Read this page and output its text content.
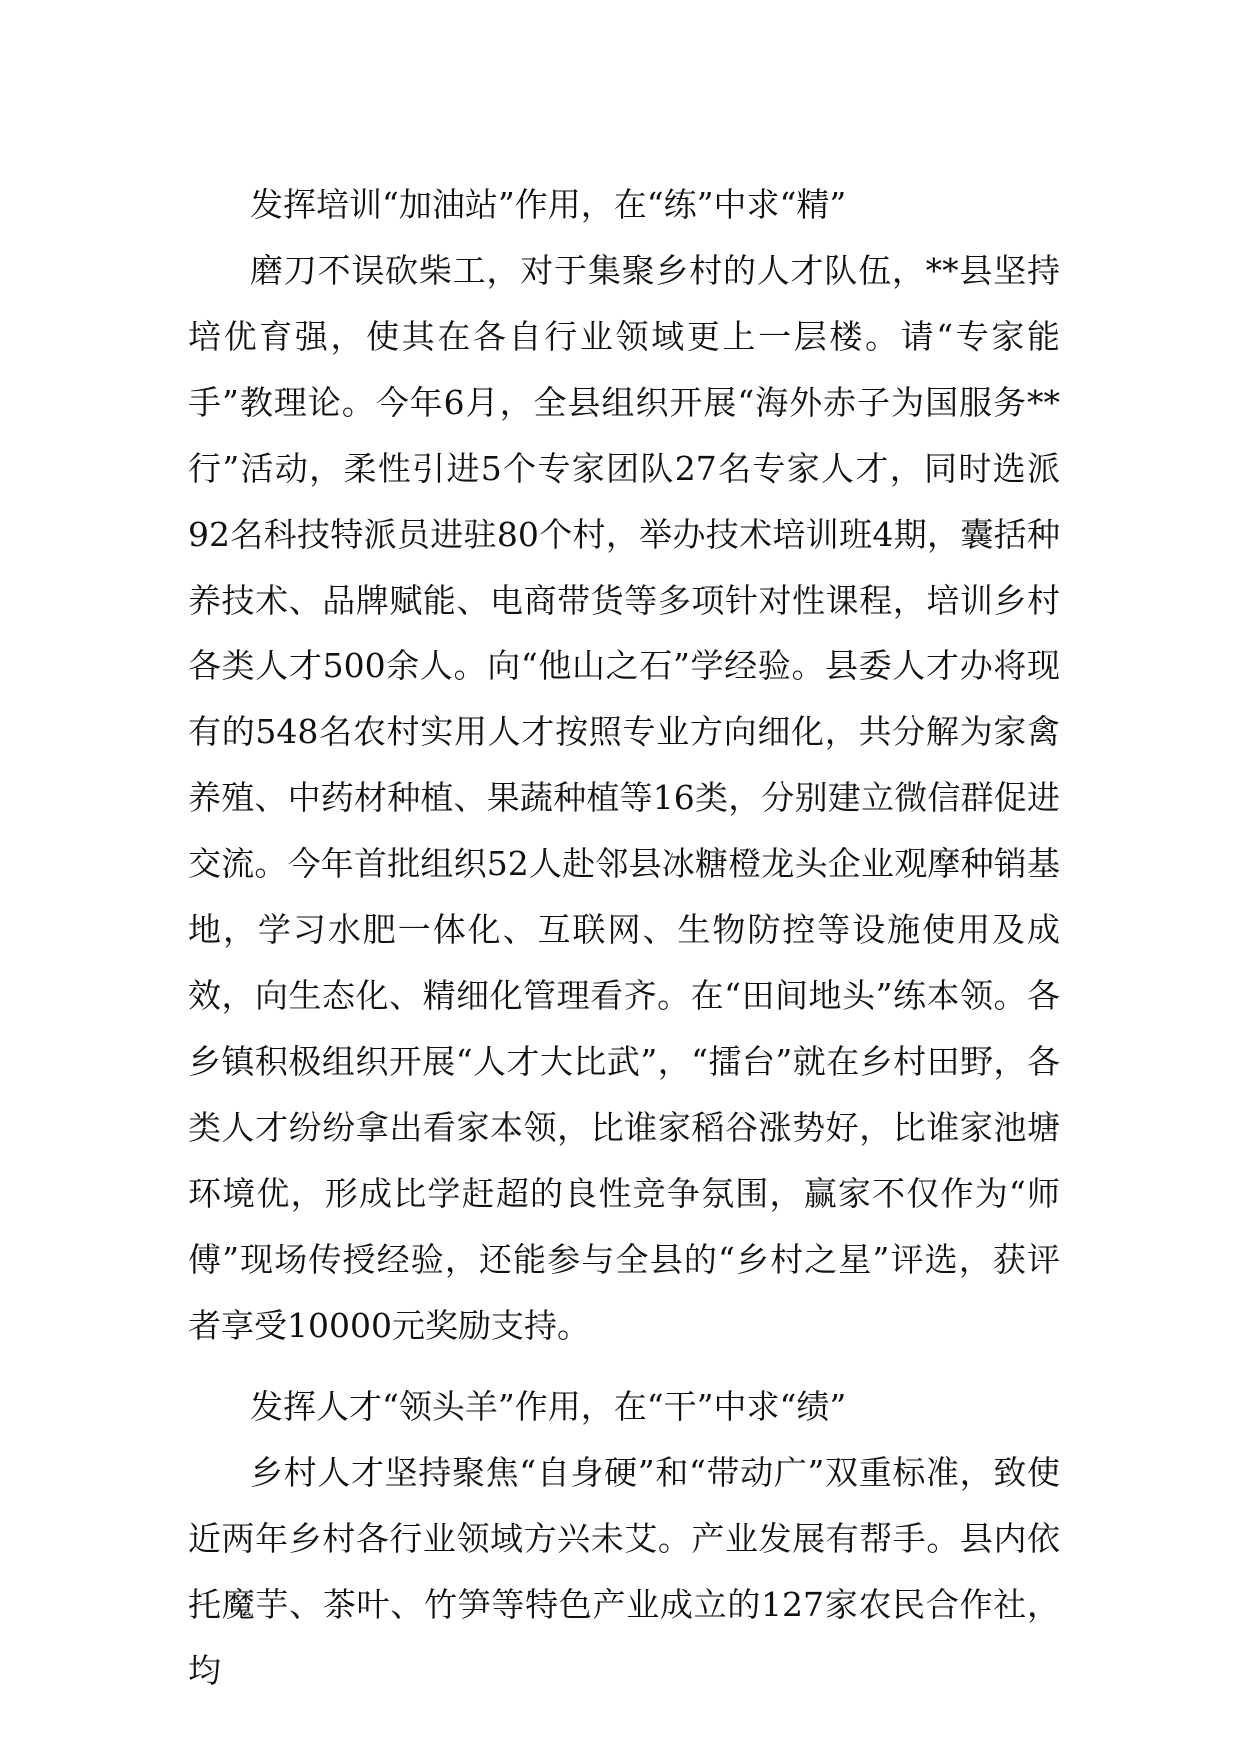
发挥培训“加油站”作用，在“练”中求“精”

磨刀不误砍柴工，对于集聚乡村的人才队伍，**县坚持培优育强，使其在各自行业领域更上一层楼。请“专家能手”教理论。今年6月，全县组织开展“海外赤子为国服务**行”活动，柔性引进5个专家团队27名专家人才，同时选派92名科技特派员进驻80个村，举办技术培训班4期，囊括种养技术、品牌赋能、电商带货等多项针对性课程，培训乡村各类人才500余人。向“他山之石”学经验。县委人才办将现有的548名农村实用人才按照专业方向细化，共分解为家禽养殖、中药材种植、果蔬种植等16类，分别建立微信群促进交流。今年首批组织52人赴邻县冰糖橙龙头企业观摩种销基地，学习水肥一体化、互联网、生物防控等设施使用及成效，向生态化、精细化管理看齐。在“田间地头”练本领。各乡镇积极组织开展“人才大比武”，“擂台”就在乡村田野，各类人才纷纷拿出看家本领，比谁家稻谷涨势好，比谁家池塘环境优，形成比学赶超的良性竞争氛围，赢家不仅作为“师傅”现场传授经验，还能参与全县的“乡村之星”评选，获评者享受10000元奖励支持。

发挥人才“领头羊”作用，在“干”中求“绩”

乡村人才坚持聚焦“自身硬”和“带动广”双重标准，致使近两年乡村各行业领域方兴未艾。产业发展有帮手。县内依托魔芋、茶叶、竹笋等特色产业成立的127家农民合作社，均
